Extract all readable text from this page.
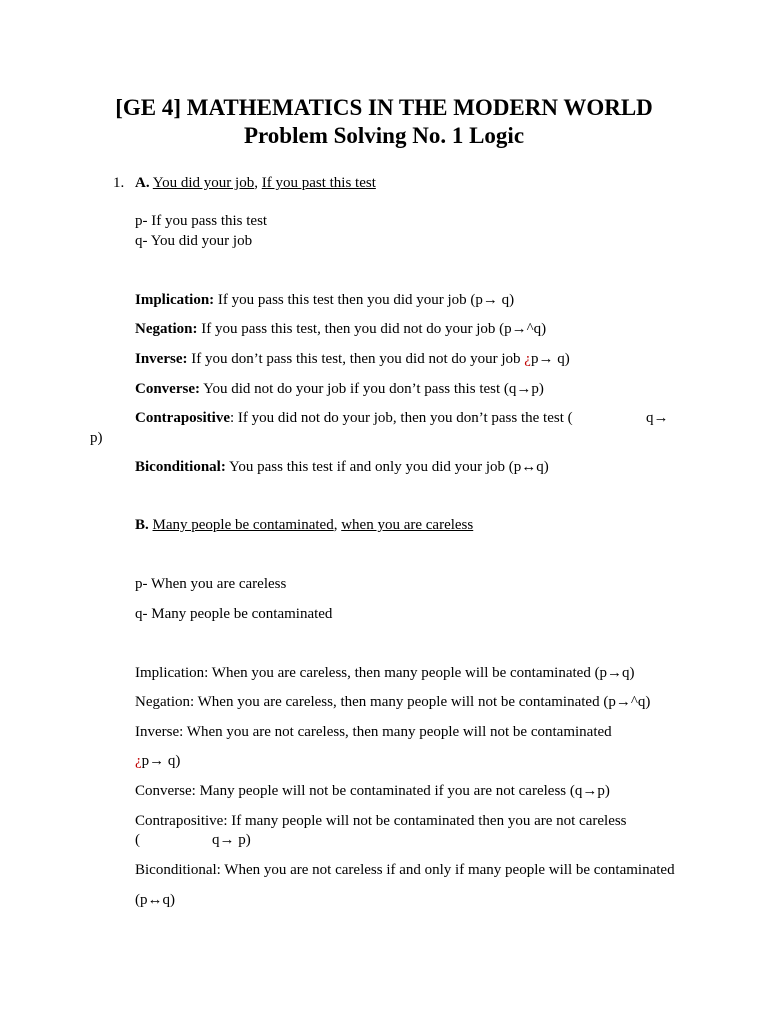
[GE 4] MATHEMATICS IN THE MODERN WORLD
Problem Solving No. 1 Logic
1. A. You did your job, If you past this test
p- If you pass this test
q- You did your job
Implication: If you pass this test then you did your job (p→ q)
Negation: If you pass this test, then you did not do your job (p→^q)
Inverse: If you don’t pass this test, then you did not do your job ¿p→ q)
Converse: You did not do your job if you don’t pass this test (q→p)
Contrapositive: If you did not do your job, then you don’t pass the test (	q→
p)
Biconditional: You pass this test if and only you did your job (p↔q)
B. Many people be contaminated, when you are careless
p- When you are careless
q- Many people be contaminated
Implication: When you are careless, then many people will be contaminated (p→q)
Negation: When you are careless, then many people will not be contaminated (p→^q)
Inverse: When you are not careless, then many people will not be contaminated
¿p→ q)
Converse: Many people will not be contaminated if you are not careless (q→p)
Contrapositive: If many people will not be contaminated then you are not careless
(	q→ p)
Biconditional: When you are not careless if and only if many people will be contaminated
(p↔q)
